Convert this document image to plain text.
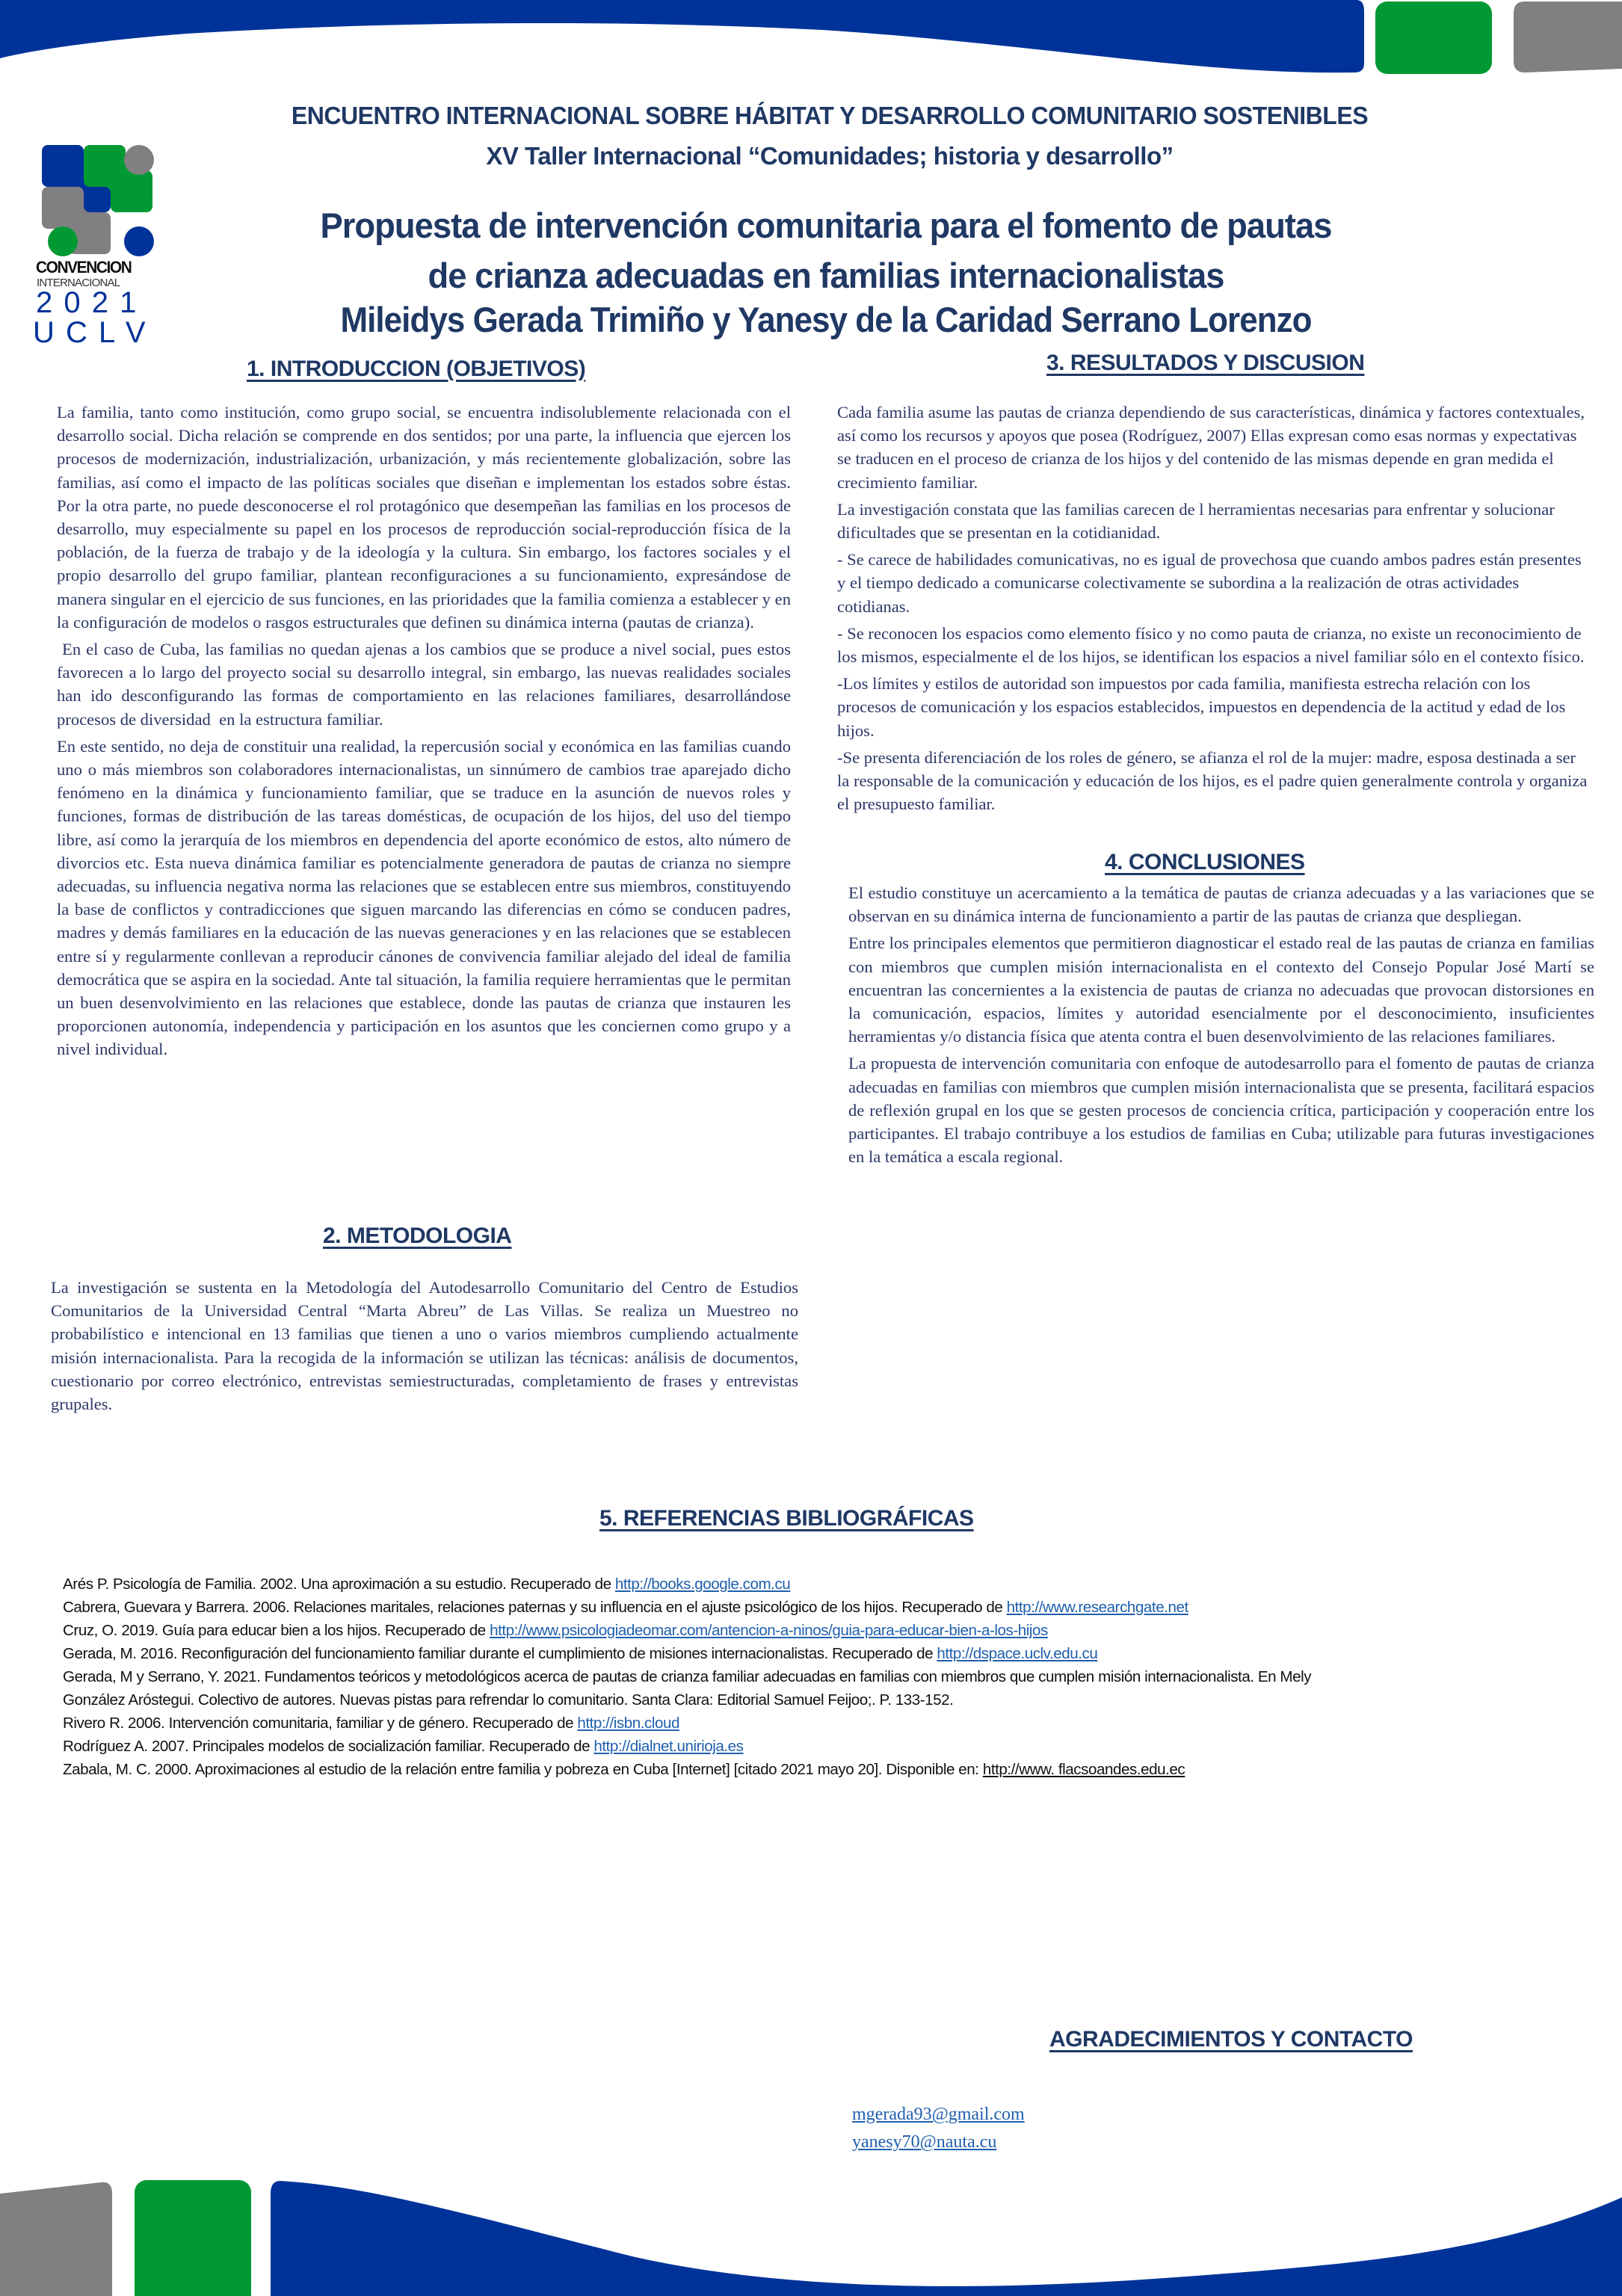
CONVENCION
INTERNACIONAL
2 0 2 1
U C L V
ENCUENTRO INTERNACIONAL SOBRE HÁBITAT Y DESARROLLO COMUNITARIO SOSTENIBLES
XV Taller Internacional “Comunidades; historia y desarrollo”
Propuesta de intervención comunitaria para el fomento de pautas
de crianza adecuadas en familias internacionalistas
Mileidys Gerada Trimiño y Yanesy de la Caridad Serrano Lorenzo
1. INTRODUCCION (OBJETIVOS)

La familia, tanto como institución, como grupo social, se encuentra indisolublemente relacionada con el desarrollo social. Dicha relación se comprende en dos sentidos; por una parte, la influencia que ejercen los procesos de modernización, industrialización, urbanización, y más recientemente globalización, sobre las familias, así como el impacto de las políticas sociales que diseñan e implementan los estados sobre éstas. Por la otra parte, no puede desconocerse el rol protagónico que desempeñan las familias en los procesos de desarrollo, muy especialmente su papel en los procesos de reproducción social-reproducción física de la población, de la fuerza de trabajo y de la ideología y la cultura. Sin embargo, los factores sociales y el propio desarrollo del grupo familiar, plantean reconfiguraciones a su funcionamiento, expresándose de manera singular en el ejercicio de sus funciones, en las prioridades que la familia comienza a establecer y en la configuración de modelos o rasgos estructurales que definen su dinámica interna (pautas de crianza).

En el caso de Cuba, las familias no quedan ajenas a los cambios que se produce a nivel social, pues estos favorecen a lo largo del proyecto social su desarrollo integral, sin embargo, las nuevas realidades sociales han ido desconfigurando las formas de comportamiento en las relaciones familiares, desarrollándose procesos de diversidad  en la estructura familiar.

En este sentido, no deja de constituir una realidad, la repercusión social y económica en las familias cuando uno o más miembros son colaboradores internacionalistas, un sinnúmero de cambios trae aparejado dicho fenómeno en la dinámica y funcionamiento familiar, que se traduce en la asunción de nuevos roles y funciones, formas de distribución de las tareas domésticas, de ocupación de los hijos, del uso del tiempo libre, así como la jerarquía de los miembros en dependencia del aporte económico de estos, alto número de divorcios etc. Esta nueva dinámica familiar es potencialmente generadora de pautas de crianza no siempre adecuadas, su influencia negativa norma las relaciones que se establecen entre sus miembros, constituyendo la base de conflictos y contradicciones que siguen marcando las diferencias en cómo se conducen padres, madres y demás familiares en la educación de las nuevas generaciones y en las relaciones que se establecen entre sí y regularmente conllevan a reproducir cánones de convivencia familiar alejado del ideal de familia democrática que se aspira en la sociedad. Ante tal situación, la familia requiere herramientas que le permitan un buen desenvolvimiento en las relaciones que establece, donde las pautas de crianza que instauren les proporcionen autonomía, independencia y participación en los asuntos que les conciernen como grupo y a nivel individual.

2. METODOLOGIA

La investigación se sustenta en la Metodología del Autodesarrollo Comunitario del Centro de Estudios Comunitarios de la Universidad Central “Marta Abreu” de Las Villas. Se realiza un Muestreo no probabilístico e intencional en 13 familias que tienen a uno o varios miembros cumpliendo actualmente misión internacionalista. Para la recogida de la información se utilizan las técnicas: análisis de documentos, cuestionario por correo electrónico, entrevistas semiestructuradas, completamiento de frases y entrevistas grupales.

3. RESULTADOS Y DISCUSION

Cada familia asume las pautas de crianza dependiendo de sus características, dinámica y factores contextuales, así como los recursos y apoyos que posea (Rodríguez, 2007) Ellas expresan como esas normas y expectativas se traducen en el proceso de crianza de los hijos y del contenido de las mismas depende en gran medida el crecimiento familiar.

La investigación constata que las familias carecen de l herramientas necesarias para enfrentar y solucionar dificultades que se presentan en la cotidianidad.

- Se carece de habilidades comunicativas, no es igual de provechosa que cuando ambos padres están presentes y el tiempo dedicado a comunicarse colectivamente se subordina a la realización de otras actividades cotidianas.

- Se reconocen los espacios como elemento físico y no como pauta de crianza, no existe un reconocimiento de los mismos, especialmente el de los hijos, se identifican los espacios a nivel familiar sólo en el contexto físico.

-Los límites y estilos de autoridad son impuestos por cada familia, manifiesta estrecha relación con los procesos de comunicación y los espacios establecidos, impuestos en dependencia de la actitud y edad de los hijos.

-Se presenta diferenciación de los roles de género, se afianza el rol de la mujer: madre, esposa destinada a ser la responsable de la comunicación y educación de los hijos, es el padre quien generalmente controla y organiza el presupuesto familiar.

4. CONCLUSIONES

El estudio constituye un acercamiento a la temática de pautas de crianza adecuadas y a las variaciones que se observan en su dinámica interna de funcionamiento a partir de las pautas de crianza que despliegan.

Entre los principales elementos que permitieron diagnosticar el estado real de las pautas de crianza en familias con miembros que cumplen misión internacionalista en el contexto del Consejo Popular José Martí se encuentran las concernientes a la existencia de pautas de crianza no adecuadas que provocan distorsiones en la comunicación, espacios, límites y autoridad esencialmente por el desconocimiento, insuficientes herramientas y/o distancia física que atenta contra el buen desenvolvimiento de las relaciones familiares.

La propuesta de intervención comunitaria con enfoque de autodesarrollo para el fomento de pautas de crianza adecuadas en familias con miembros que cumplen misión internacionalista que se presenta, facilitará espacios de reflexión grupal en los que se gesten procesos de conciencia crítica, participación y cooperación entre los participantes. El trabajo contribuye a los estudios de familias en Cuba; utilizable para futuras investigaciones en la temática a escala regional.

5. REFERENCIAS BIBLIOGRÁFICAS
Arés P. Psicología de Familia. 2002. Una aproximación a su estudio. Recuperado de http://books.google.com.cu
Cabrera, Guevara y Barrera. 2006. Relaciones maritales, relaciones paternas y su influencia en el ajuste psicológico de los hijos. Recuperado de http://www.researchgate.net
Cruz, O. 2019. Guía para educar bien a los hijos. Recuperado de http://www.psicologiadeomar.com/antencion-a-ninos/guia-para-educar-bien-a-los-hijos
Gerada, M. 2016. Reconfiguración del funcionamiento familiar durante el cumplimiento de misiones internacionalistas. Recuperado de http://dspace.uclv.edu.cu
Gerada, M y Serrano, Y. 2021. Fundamentos teóricos y metodológicos acerca de pautas de crianza familiar adecuadas en familias con miembros que cumplen misión internacionalista. En Mely
González Aróstegui. Colectivo de autores. Nuevas pistas para refrendar lo comunitario. Santa Clara: Editorial Samuel Feijoo;. P. 133-152.
Rivero R. 2006. Intervención comunitaria, familiar y de género. Recuperado de http://isbn.cloud
Rodríguez A. 2007. Principales modelos de socialización familiar. Recuperado de http://dialnet.unirioja.es
Zabala, M. C. 2000. Aproximaciones al estudio de la relación entre familia y pobreza en Cuba [Internet] [citado 2021 mayo 20]. Disponible en: http://www. flacsoandes.edu.ec
AGRADECIMIENTOS Y CONTACTO
mgerada93@gmail.com
yanesy70@nauta.cu
